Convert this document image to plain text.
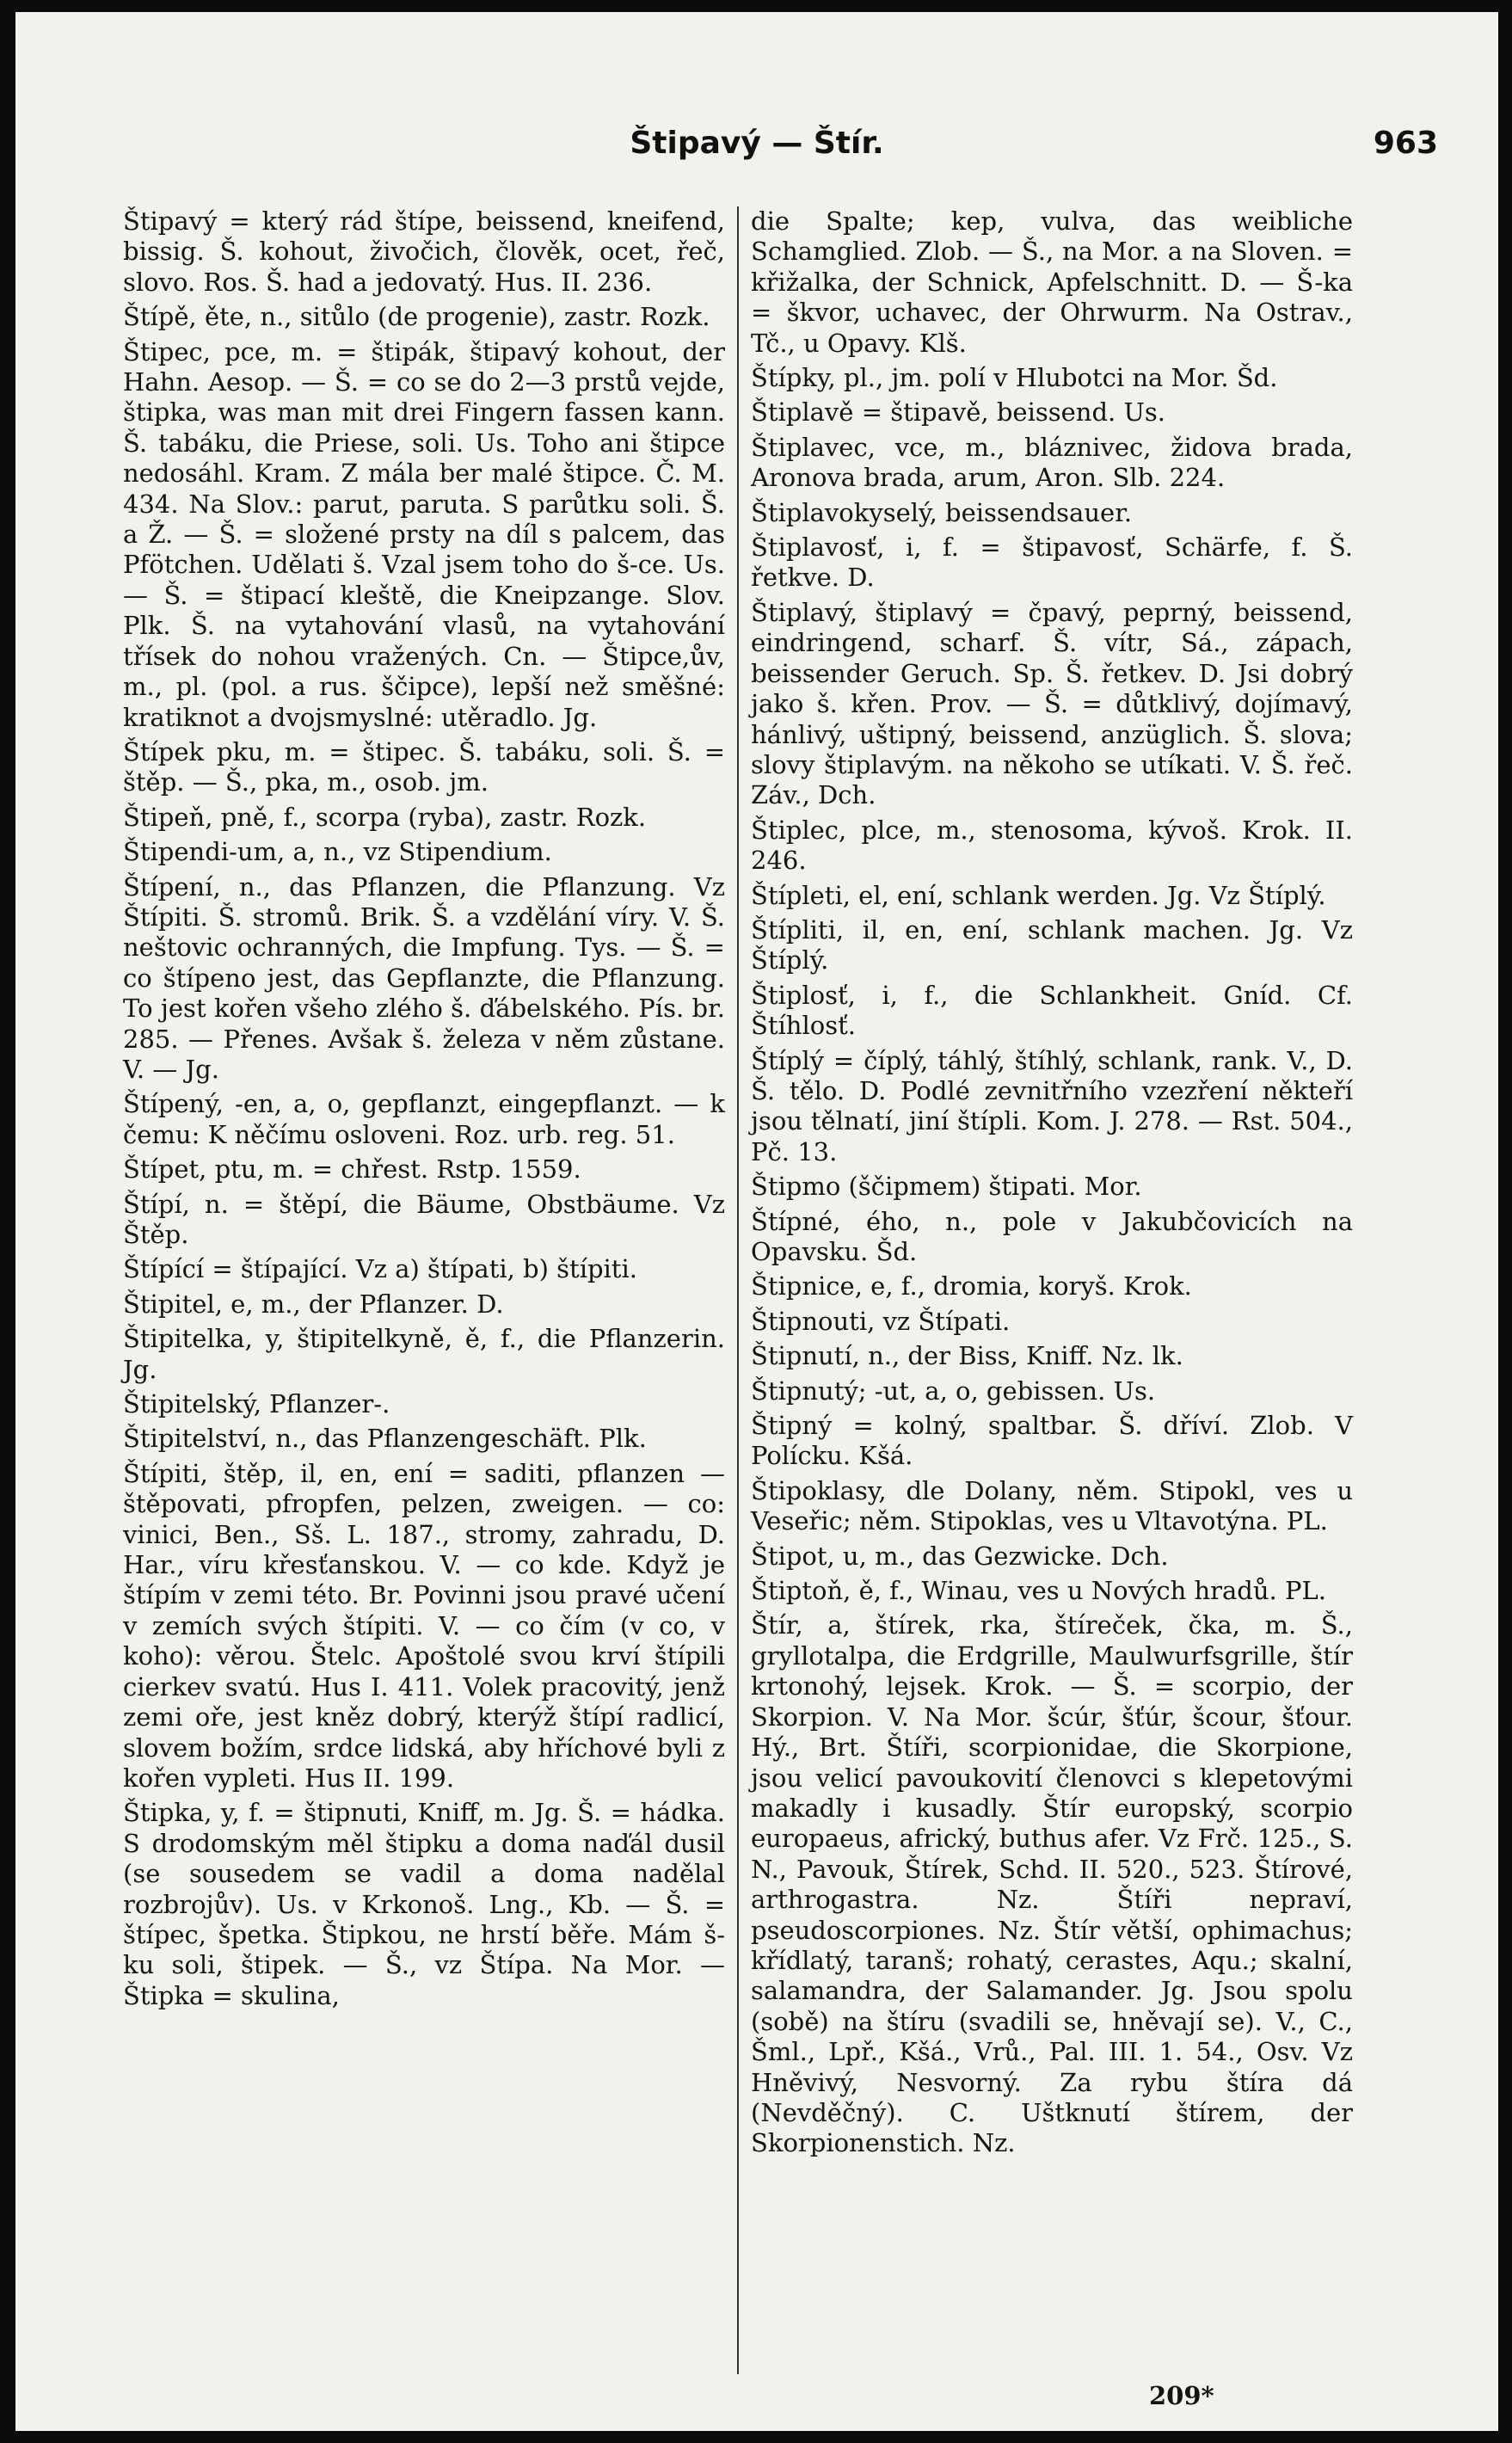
Štipavý — Štír.	963
Štipavý = který rád štípe, beissend, kneifend, bissig. Š. kohout, živočich, člověk, ocet, řeč, slovo. Ros. Š. had a jedovatý. Hus. II. 236.
Štípě, ěte, n., sitůlo (de progenie), zastr. Rozk.
Štipec, pce, m. = štipák, štipavý kohout, der Hahn. Aesop. — Š. = co se do 2—3 prstů vejde, štipka, was man mit drei Fingern fassen kann. Š. tabáku, die Priese, soli. Us. Toho ani štipce nedosáhl. Kram. Z mála ber malé štipce. Č. M. 434. Na Slov.: parut, paruta. S parůtku soli. Š. a Ž. — Š. = složené prsty na díl s palcem, das Pfötchen. Udělati š. Vzal jsem toho do š-ce. Us. — Š. = štipací kleště, die Kneipzange. Slov. Plk. Š. na vytahování vlasů, na vytahování třísek do nohou vražených. Cn. — Štipce,ův, m., pl. (pol. a rus. ščipce), lepší než směšné: kratiknot a dvojsmyslné: utěradlo. Jg.
Štípek pku, m. = štipec. Š. tabáku, soli. Š. = štěp. — Š., pka, m., osob. jm.
Štipeň, pně, f., scorpa (ryba), zastr. Rozk.
Štipendi-um, a, n., vz Stipendium.
Štípení, n., das Pflanzen, die Pflanzung. Vz Štípiti. Š. stromů. Brik. Š. a vzdělání víry. V. Š. neštovic ochranných, die Impfung. Tys. — Š. = co štípeno jest, das Gepflanzte, die Pflanzung. To jest kořen všeho zlého š. ďábelského. Pís. br. 285. — Přenes. Avšak š. železa v něm zůstane. V. — Jg.
Štípený, -en, a, o, gepflanzt, eingepflanzt. — k čemu: K něčímu osloveni. Roz. urb. reg. 51.
Štípet, ptu, m. = chřest. Rstp. 1559.
Štípí, n. = štěpí, die Bäume, Obstbäume. Vz Štěp.
Štípící = štípající. Vz a) štípati, b) štípiti.
Štipitel, e, m., der Pflanzer. D.
Štipitelka, y, štipitelkyně, ě, f., die Pflanzerin. Jg.
Štipitelský, Pflanzer-.
Štipitelství, n., das Pflanzengeschäft. Plk.
Štípiti, štěp, il, en, ení = saditi, pflanzen — štěpovati, pfropfen, pelzen, zweigen. — co: vinici, Ben., Sš. L. 187., stromy, zahradu, D. Har., víru křesťanskou. V. — co kde. Když je štípím v zemi této. Br. Povinni jsou pravé učení v zemích svých štípiti. V. — co čím (v co, v koho): věrou. Štelc. Apoštolé svou krví štípili cierkev svatú. Hus I. 411. Volek pracovitý, jenž zemi oře, jest kněz dobrý, kterýž štípí radlicí, slovem božím, srdce lidská, aby hříchové byli z kořen vypleti. Hus II. 199.
Štipka, y, f. = štipnuti, Kniff, m. Jg. Š. = hádka. S drodomským měl štipku a doma naďál dusil (se sousedem se vadil a doma nadělal rozbrojův). Us. v Krkonoš. Lng., Kb. — Š. = štípec, špetka. Štipkou, ne hrstí běře. Mám š-ku soli, štipek. — Š., vz Štípa. Na Mor. — Štipka = skulina,
die Spalte; kep, vulva, das weibliche Schamglied. Zlob. — Š., na Mor. a na Sloven. = křižalka, der Schnick, Apfelschnitt. D. — Š-ka = škvor, uchavec, der Ohrwurm. Na Ostrav., Tč., u Opavy. Klš.
Štípky, pl., jm. polí v Hlubotci na Mor. Šd.
Štiplavě = štipavě, beissend. Us.
Štiplavec, vce, m., bláznivec, židova brada, Aronova brada, arum, Aron. Slb. 224.
Štiplavokyselý, beissendsauer.
Štiplavosť, i, f. = štipavosť, Schärfe, f. Š. řetkve. D.
Štiplavý, štiplavý = čpavý, peprný, beissend, eindringend, scharf. Š. vítr, Sá., zápach, beissender Geruch. Sp. Š. řetkev. D. Jsi dobrý jako š. křen. Prov. — Š. = důtklivý, dojímavý, hánlivý, uštipný, beissend, anzüglich. Š. slova; slovy štiplavým. na někoho se utíkati. V. Š. řeč. Záv., Dch.
Štiplec, plce, m., stenosoma, kývoš. Krok. II. 246.
Štípleti, el, ení, schlank werden. Jg. Vz Štíplý.
Štípliti, il, en, ení, schlank machen. Jg. Vz Štíplý.
Štiplosť, i, f., die Schlankheit. Gníd. Cf. Štíhlosť.
Štíplý = číplý, táhlý, štíhlý, schlank, rank. V., D. Š. tělo. D. Podlé zevnitřního vzezření někteří jsou tělnatí, jiní štípli. Kom. J. 278. — Rst. 504., Pč. 13.
Štipmo (ščipmem) štipati. Mor.
Štípné, ého, n., pole v Jakubčovicích na Opavsku. Šd.
Štipnice, e, f., dromia, koryš. Krok.
Štipnouti, vz Štípati.
Štipnutí, n., der Biss, Kniff. Nz. lk.
Štipnutý; -ut, a, o, gebissen. Us.
Štipný = kolný, spaltbar. Š. dříví. Zlob. V Polícku. Kšá.
Štipoklasy, dle Dolany, něm. Stipokl, ves u Veseřic; něm. Stipoklas, ves u Vltavotýna. PL.
Štipot, u, m., das Gezwicke. Dch.
Štiptoň, ě, f., Winau, ves u Nových hradů. PL.
Štír, a, štírek, rka, štíreček, čka, m. Š., gryllotalpa, die Erdgrille, Maulwurfsgrille, štír krtonohý, lejsek. Krok. — Š. = scorpio, der Skorpion. V. Na Mor. šcúr, šťúr, šcour, šťour. Hý., Brt. Štíři, scorpionidae, die Skorpione, jsou velicí pavoukovití členovci s klepetovými makadly i kusadly. Štír europský, scorpio europaeus, africký, buthus afer. Vz Frč. 125., S. N., Pavouk, Štírek, Schd. II. 520., 523. Štírové, arthrogastra. Nz. Štíři nepraví, pseudoscorpiones. Nz. Štír větší, ophimachus; křídlatý, taranš; rohatý, cerastes, Aqu.; skalní, salamandra, der Salamander. Jg. Jsou spolu (sobě) na štíru (svadili se, hněvají se). V., C., Šml., Lpř., Kšá., Vrů., Pal. III. 1. 54., Osv. Vz Hněvivý, Nesvorný. Za rybu štíra dá (Nevděčný). C. Uštknutí štírem, der Skorpionenstich. Nz.
209*
